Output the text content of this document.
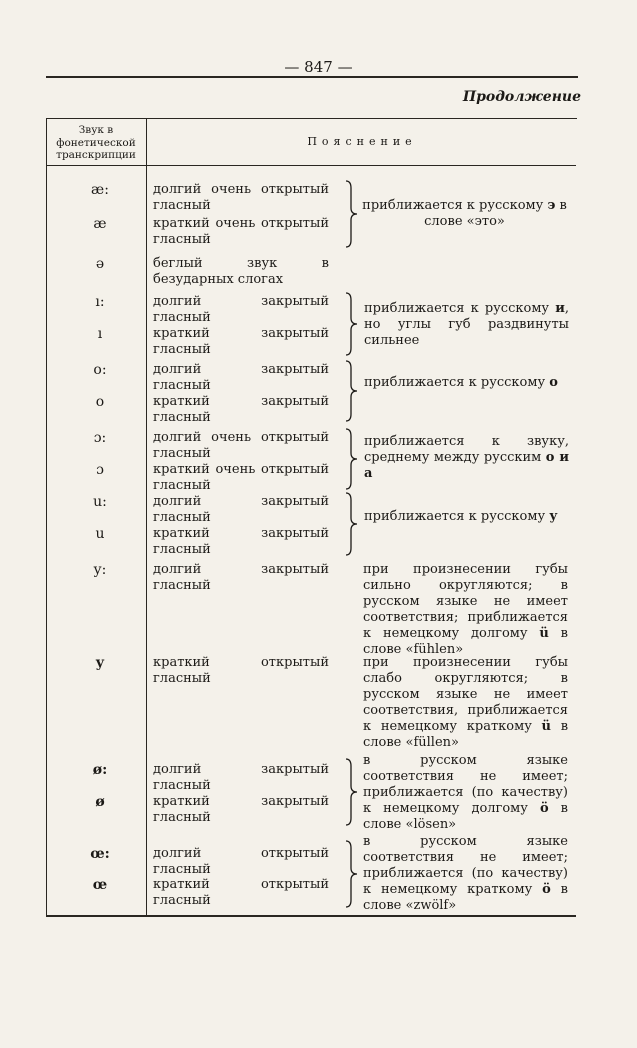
— 847 —
Продолжение
Звук в фонетической транскрипции
Пояснение
æ:
æ
ə
ı:
ı
o:
o
ɔ:
ɔ
u:
u
y:
y
ø:
ø
œ:
œ
долгий очень открытый гласный
краткий очень открытый гласный
беглый звук в безударных слогах
долгий закрытый гласный
краткий закрытый гласный
долгий закрытый гласный
краткий закрытый гласный
долгий очень открытый гласный
краткий очень открытый гласный
долгий закрытый гласный
краткий закрытый гласный
долгий закрытый гласный
краткий открытый гласный
долгий закрытый гласный
краткий закрытый гласный
долгий открытый гласный
краткий открытый гласный
приближается к русскому э в слове «это»
приближается к русскому и, но углы губ раздвинуты сильнее
приближается к русскому о
приближается к звуку, среднему между русским о и а
приближается к русскому у
при произнесении губы сильно округляются; в русском языке не имеет соответствия; приближается к немецкому долгому ü в слове «fühlen»
при произнесении губы слабо округляются; в русском языке не имеет соответствия, приближается к немецкому краткому ü в слове «füllen»
в русском языке соответствия не имеет; приближается (по качеству) к немецкому долгому ö в слове «lösen»
в русском языке соответствия не имеет; приближается (по качеству) к немецкому краткому ö в слове «zwölf»
